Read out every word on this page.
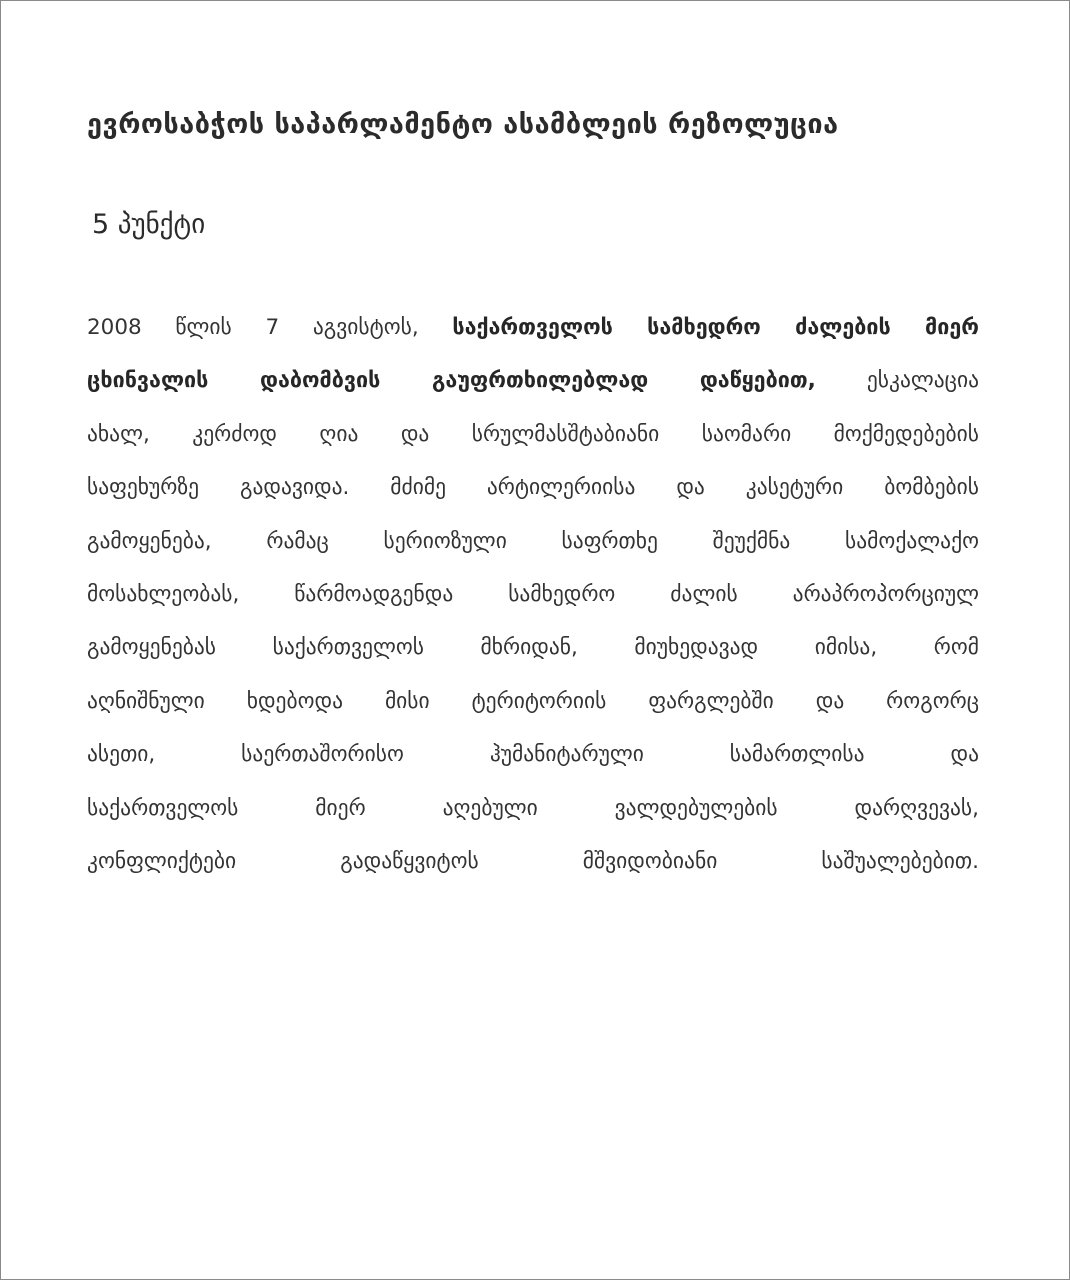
ევროსაბჭოს საპარლამენტო ასამბლეის რეზოლუცია
5 პუნქტი
2008 წლის 7 აგვისტოს, საქართველოს სამხედრო ძალების მიერ
ცხინვალის დაბომბვის გაუფრთხილებლად დაწყებით, ესკალაცია
ახალ, კერძოდ ღია და სრულმასშტაბიანი საომარი მოქმედებების
საფეხურზე გადავიდა. მძიმე არტილერიისა და კასეტური ბომბების
გამოყენება, რამაც სერიოზული საფრთხე შეუქმნა სამოქალაქო
მოსახლეობას, წარმოადგენდა სამხედრო ძალის არაპროპორციულ
გამოყენებას საქართველოს მხრიდან, მიუხედავად იმისა, რომ
აღნიშნული ხდებოდა მისი ტერიტორიის ფარგლებში და როგორც
ასეთი, საერთაშორისო ჰუმანიტარული სამართლისა და
საქართველოს მიერ აღებული ვალდებულების დარღვევას,
კონფლიქტები გადაწყვიტოს მშვიდობიანი საშუალებებით.
